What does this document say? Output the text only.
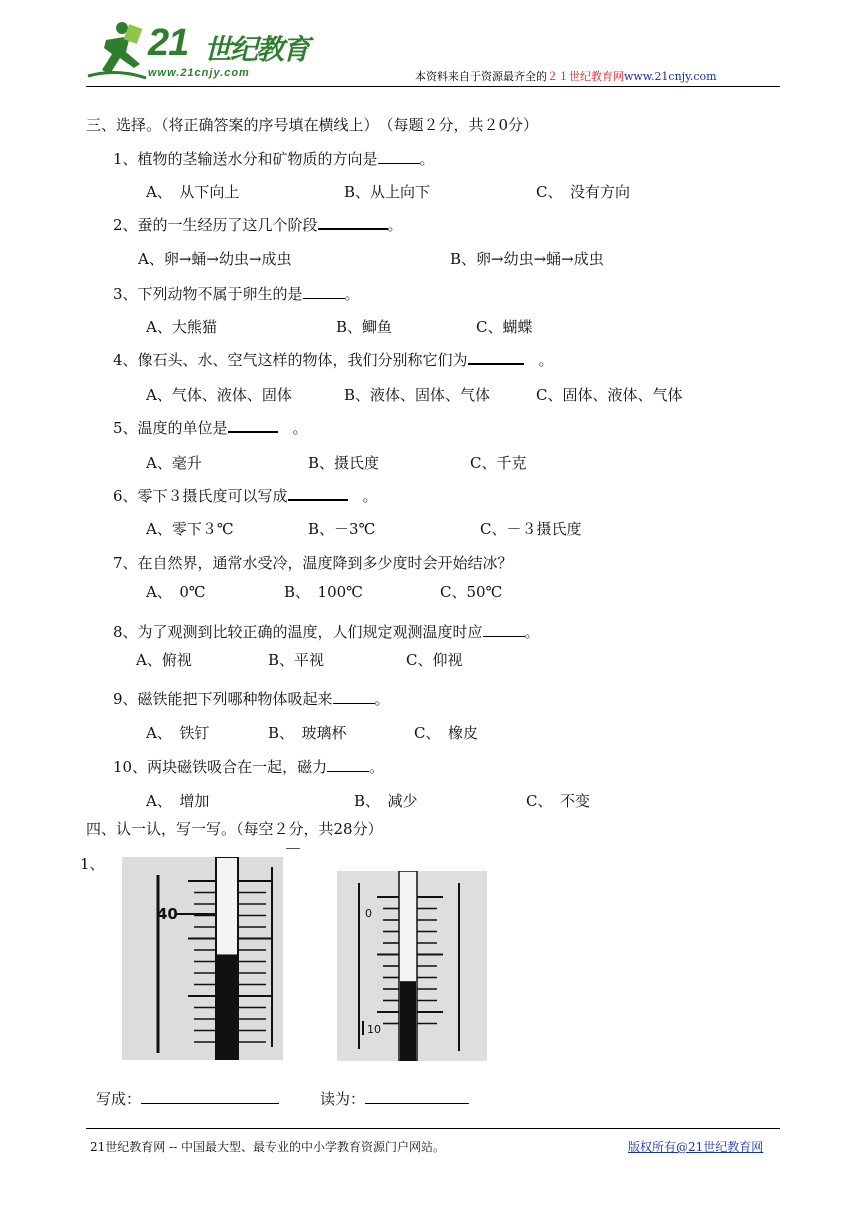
21 世纪教育
www.21cnjy.com	本资料来自于资源最齐全的２１世纪教育网www.21cnjy.com
三、选择。（将正确答案的序号填在横线上）　（每题２分，共２0分）
1、植物的茎输送水分和矿物质的方向是	。
A、　从下向上	B、从上向下	C、　没有方向
2、蚕的一生经历了这几个阶段	。
A、卵→蛹→幼虫→成虫	B、卵→幼虫→蛹→成虫
3、下列动物不属于卵生的是	。
A、大熊猫	B、鲫鱼	C、蝴蝶
4、像石头、水、空气这样的物体，我们分别称它们为	　。
A、气体、液体、固体	B、液体、固体、气体	C、固体、液体、气体
5、温度的单位是	　。
A、毫升	B、摄氏度	C、千克
6、零下３摄氏度可以写成	　。
A、零下３℃	B、－3℃	C、－３摄氏度
7、在自然界，通常水受冷，温度降到多少度时会开始结冰？
A、　0℃	B、　100℃	C、50℃
8、为了观测到比较正确的温度，人们规定观测温度时应	。
A、俯视	B、平视	C、仰视
9、磁铁能把下列哪种物体吸起来	。
A、　铁钉	B、　玻璃杯	C、　橡皮
10、两块磁铁吸合在一起，磁力	。
A、　增加	B、　减少	C、　不变
四、认一认，写一写。（每空２分，共28分）
1、
40	0
10
写成：	读为：
21世纪教育网 -- 中国最大型、最专业的中小学教育资源门户网站。	版权所有@21世纪教育网
